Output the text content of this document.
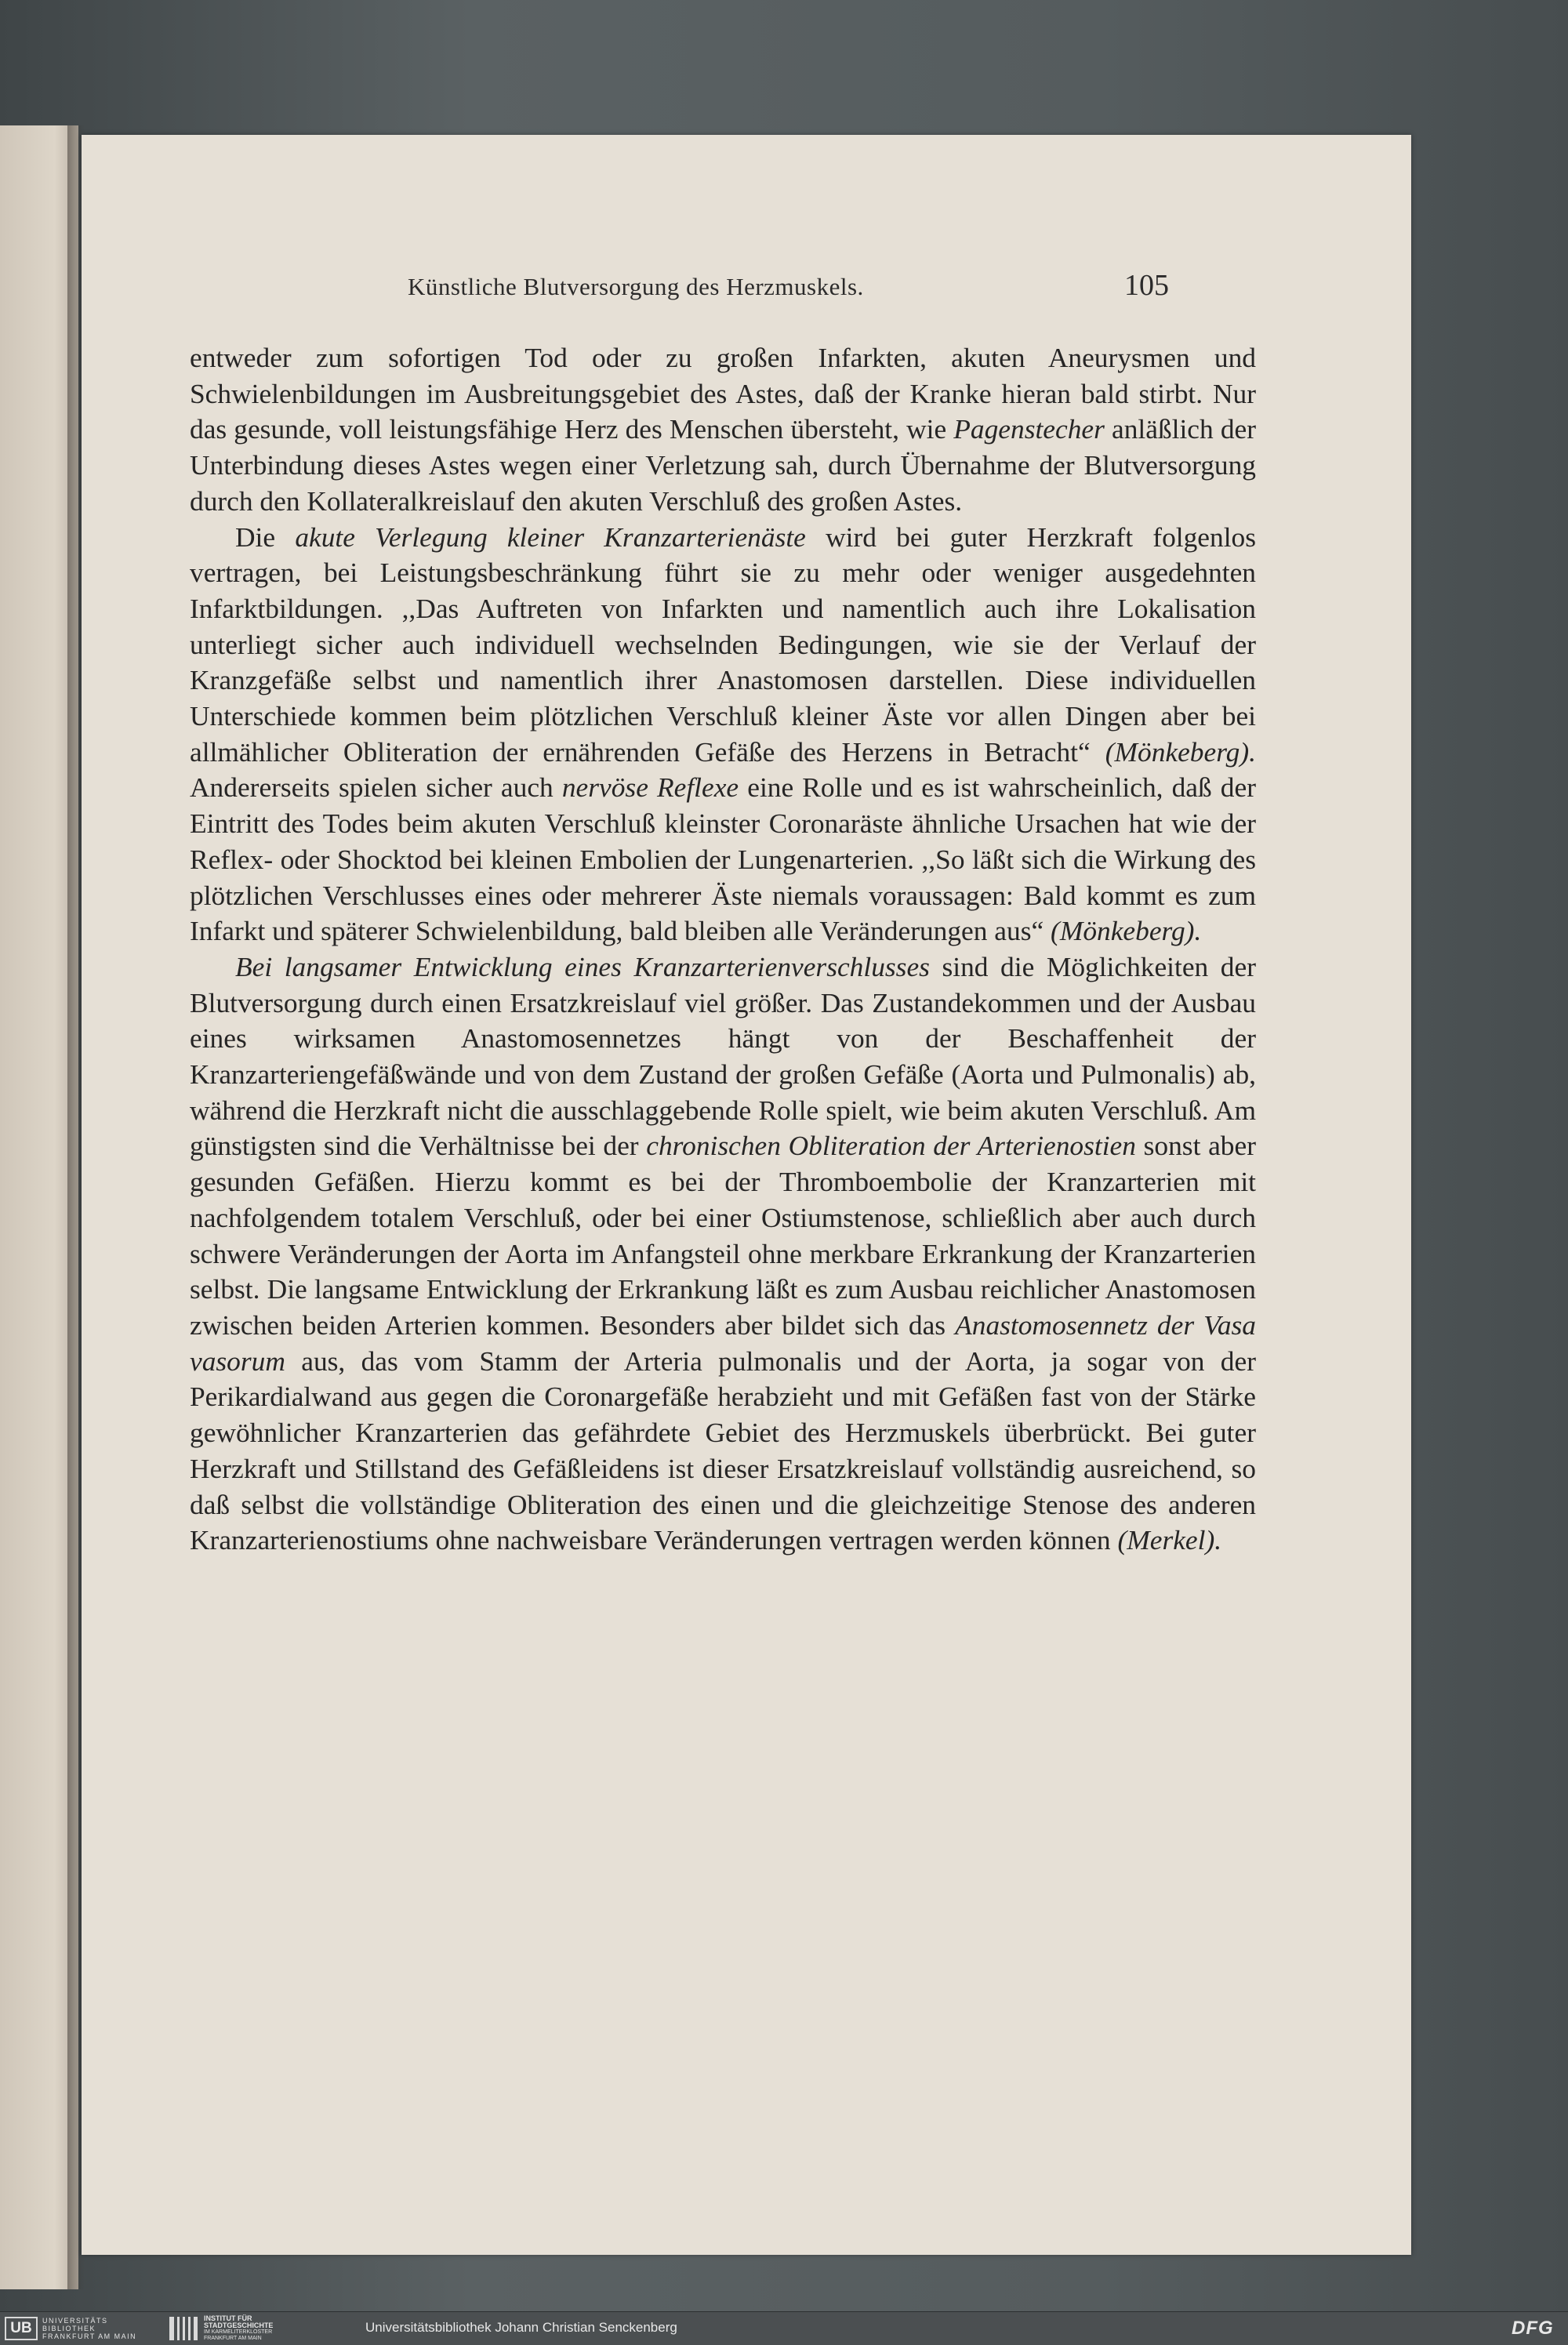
Künstliche Blutversorgung des Herzmuskels.	105

entweder zum sofortigen Tod oder zu großen Infarkten, akuten Aneurysmen und Schwielenbildungen im Ausbreitungsgebiet des Astes, daß der Kranke hieran bald stirbt. Nur das gesunde, voll leistungsfähige Herz des Menschen übersteht, wie Pagenstecher anläßlich der Unterbindung dieses Astes wegen einer Verletzung sah, durch Übernahme der Blutversorgung durch den Kollateralkreislauf den akuten Verschluß des großen Astes.

Die akute Verlegung kleiner Kranzarterienäste wird bei guter Herzkraft folgenlos vertragen, bei Leistungsbeschränkung führt sie zu mehr oder weniger ausgedehnten Infarktbildungen. ,,Das Auftreten von Infarkten und namentlich auch ihre Lokalisation unterliegt sicher auch individuell wechselnden Bedingungen, wie sie der Verlauf der Kranzgefäße selbst und namentlich ihrer Anastomosen darstellen. Diese individuellen Unterschiede kommen beim plötzlichen Verschluß kleiner Äste vor allen Dingen aber bei allmählicher Obliteration der ernährenden Gefäße des Herzens in Betracht“ (Mönkeberg). Andererseits spielen sicher auch nervöse Reflexe eine Rolle und es ist wahrscheinlich, daß der Eintritt des Todes beim akuten Verschluß kleinster Coronaräste ähnliche Ursachen hat wie der Reflex- oder Shocktod bei kleinen Embolien der Lungenarterien. ,,So läßt sich die Wirkung des plötzlichen Verschlusses eines oder mehrerer Äste niemals voraussagen: Bald kommt es zum Infarkt und späterer Schwielenbildung, bald bleiben alle Veränderungen aus“ (Mönkeberg).

Bei langsamer Entwicklung eines Kranzarterienverschlusses sind die Möglichkeiten der Blutversorgung durch einen Ersatzkreislauf viel größer. Das Zustandekommen und der Ausbau eines wirksamen Anastomosennetzes hängt von der Beschaffenheit der Kranzarteriengefäßwände und von dem Zustand der großen Gefäße (Aorta und Pulmonalis) ab, während die Herzkraft nicht die ausschlaggebende Rolle spielt, wie beim akuten Verschluß. Am günstigsten sind die Verhältnisse bei der chronischen Obliteration der Arterienostien sonst aber gesunden Gefäßen. Hierzu kommt es bei der Thromboembolie der Kranzarterien mit nachfolgendem totalem Verschluß, oder bei einer Ostiumstenose, schließlich aber auch durch schwere Veränderungen der Aorta im Anfangsteil ohne merkbare Erkrankung der Kranzarterien selbst. Die langsame Entwicklung der Erkrankung läßt es zum Ausbau reichlicher Anastomosen zwischen beiden Arterien kommen. Besonders aber bildet sich das Anastomosennetz der Vasa vasorum aus, das vom Stamm der Arteria pulmonalis und der Aorta, ja sogar von der Perikardialwand aus gegen die Coronargefäße herabzieht und mit Gefäßen fast von der Stärke gewöhnlicher Kranzarterien das gefährdete Gebiet des Herzmuskels überbrückt. Bei guter Herzkraft und Stillstand des Gefäßleidens ist dieser Ersatzkreislauf vollständig ausreichend, so daß selbst die vollständige Obliteration des einen und die gleichzeitige Stenose des anderen Kranzarterienostiums ohne nachweisbare Veränderungen vertragen werden können (Merkel).

UB	UNIVERSITÄTS
BIBLIOTHEK
FRANKFURT AM MAIN
INSTITUT FÜR
STADTGESCHICHTE
IM KARMELITERKLOSTER
FRANKFURT AM MAIN
Universitätsbibliothek Johann Christian Senckenberg	DFG
